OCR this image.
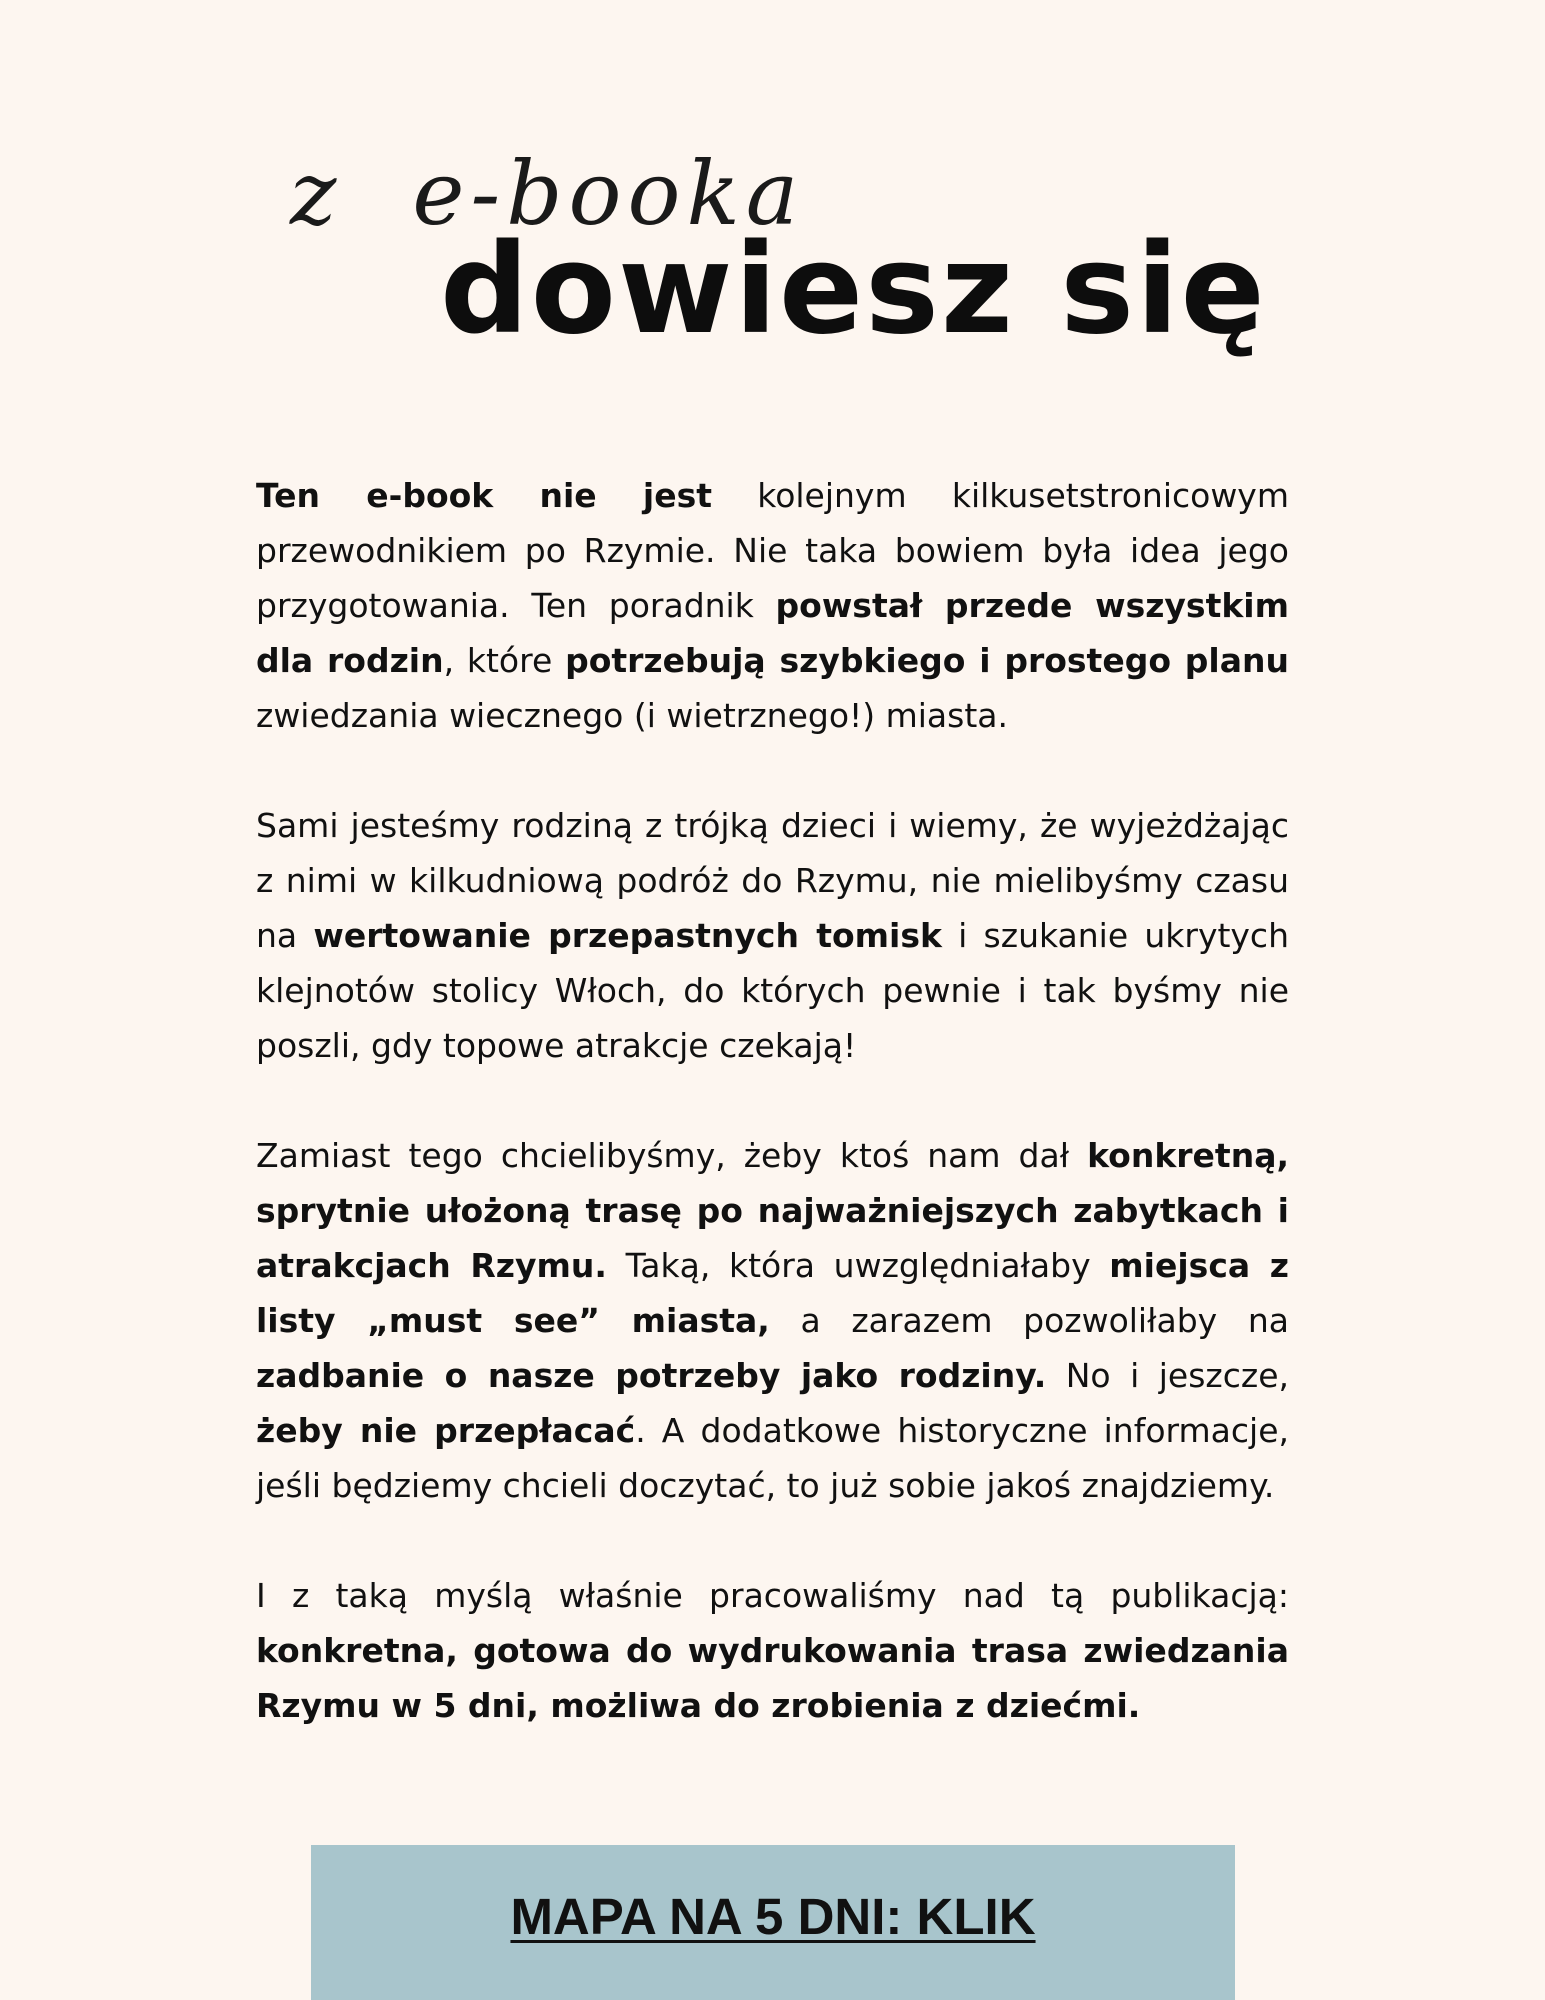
z e-booka
dowiesz się

Ten e-book nie jest kolejnym kilkusetstronicowym przewodnikiem po Rzymie. Nie taka bowiem była idea jego przygotowania. Ten poradnik powstał przede wszystkim dla rodzin, które potrzebują szybkiego i prostego planu zwiedzania wiecznego (i wietrznego!) miasta.

Sami jesteśmy rodziną z trójką dzieci i wiemy, że wyjeżdżając z nimi w kilkudniową podróż do Rzymu, nie mielibyśmy czasu na wertowanie przepastnych tomisk i szukanie ukrytych klejnotów stolicy Włoch, do których pewnie i tak byśmy nie poszli, gdy topowe atrakcje czekają!

Zamiast tego chcielibyśmy, żeby ktoś nam dał konkretną, sprytnie ułożoną trasę po najważniejszych zabytkach i atrakcjach Rzymu. Taką, która uwzględniałaby miejsca z listy „must see” miasta, a zarazem pozwoliłaby na zadbanie o nasze potrzeby jako rodziny. No i jeszcze, żeby nie przepłacać. A dodatkowe historyczne informacje, jeśli będziemy chcieli doczytać, to już sobie jakoś znajdziemy.

I z taką myślą właśnie pracowaliśmy nad tą publikacją: konkretna, gotowa do wydrukowania trasa zwiedzania Rzymu w 5 dni, możliwa do zrobienia z dziećmi.

MAPA NA 5 DNI: KLIK
